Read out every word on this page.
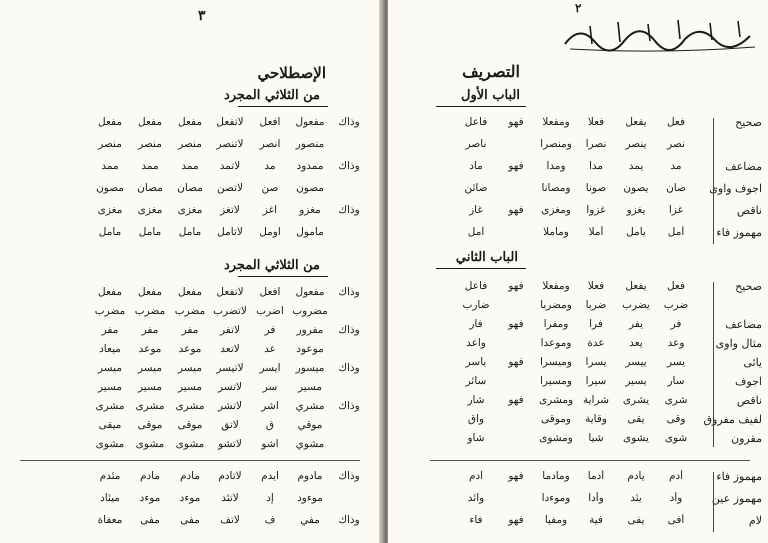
٣
الإصطلاحي
من الثلاثي المجرد
وذاك
مفعول
افعل
لاتفعل
مفعل
مفعل
مفعل
منصور
انصر
لاتنصر
منصر
منصر
منصر
وذاك
ممدود
مد
لاتمد
ممد
ممد
ممد
مصون
صن
لاتصن
مصان
مصان
مصون
وذاك
مغزو
اغز
لاتغز
مغزى
مغزى
مغزى
مأمول
اومل
لاتأمل
مأمل
مأمل
مأمل
من الثلاثي المجرد
وذاك
مفعول
افعل
لاتفعل
مفعل
مفعل
مفعل
مضروب
اضرب
لاتضرب
مضرب
مضرب
مضرب
وذاك
مفرور
فر
لاتفر
مفر
مفر
مفر
موعود
عد
لاتعد
موعد
موعد
ميعاد
وذاك
ميسور
ايسر
لاتيسر
ميسر
ميسر
ميسر
مسير
سر
لاتسر
مسير
مسير
مسير
وذاك
مشري
اشر
لاتشر
مشرى
مشرى
مشرى
موقي
ق
لاتق
موقى
موقى
ميقى
مشوي
اشو
لاتشو
مشوى
مشوى
مشوى
وذاك
مأدوم
ايدم
لاتأدم
مأدم
مأدم
مئدم
موءود
إد
لاتئد
موءد
موءد
ميئاد
وذاك
مفي
ف
لاتف
مفى
مفى
معفاة
٢
التصريف
الباب الأول
صحيح
فعل
يفعل
فعلا
ومفعلا
فهو
فاعل
نصر
ينصر
نصرا
ومنصرا
ناصر
مضاعف
مد
يمد
مدا
ومدا
فهو
ماد
اجوف واوى
صان
يصون
صونا
ومصانا
صائن
ناقص
غزا
يغزو
غزوا
ومغزى
فهو
غاز
مهموز فاء
أمل
يأمل
أملا
ومأملا
آمل
الباب الثاني
صحيح
فعل
يفعل
فعلا
ومفعلا
فهو
فاعل
ضرب
يضرب
ضربا
ومضربا
ضارب
مضاعف
فر
يفر
فرا
ومفرا
فهو
فار
مثال واوى
وعد
يعد
عدة
وموعدا
واعد
يائى
يسر
ييسر
يسرا
وميسرا
فهو
ياسر
اجوف
سار
يسير
سيرا
ومسيرا
سائر
ناقص
شرى
يشرى
شراية
ومشرى
فهو
شار
لفيف مفروق
وقى
يقى
وقاية
وموقى
واق
مقرون
شوى
يشوى
شيا
ومشوى
شاو
مهموز فاء
أدم
يأدم
أدما
ومأدما
فهو
آدم
مهموز عين
وأد
يئد
وأدا
وموءدا
وائد
لام
أفى
يفى
فية
ومفيا
فهو
فاء
